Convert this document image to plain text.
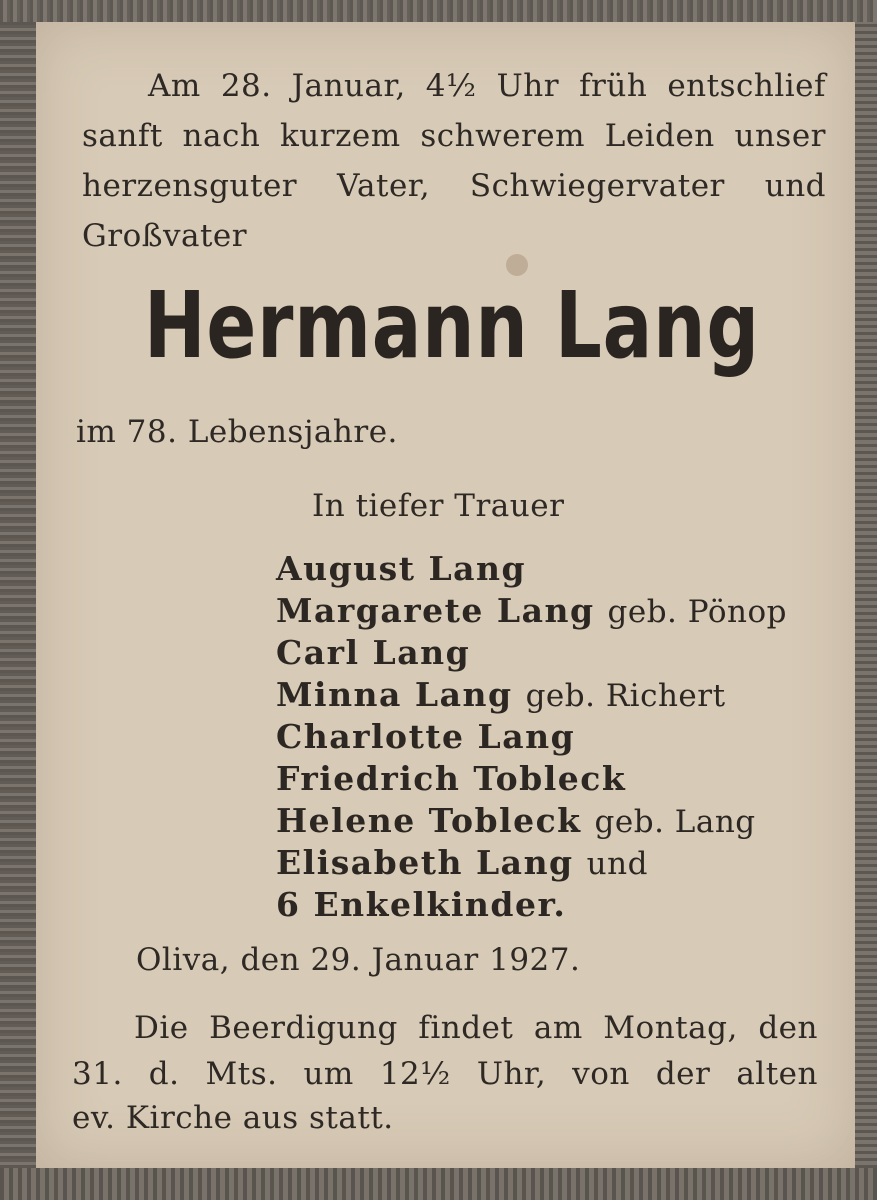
Am 28. Januar, 4½ Uhr früh entschlief
sanft nach kurzem schwerem Leiden unser
herzensguter Vater, Schwiegervater und
Großvater
Hermann Lang
im 78. Lebensjahre.
In tiefer Trauer
August Lang
Margarete Lang geb. Pönop
Carl Lang
Minna Lang geb. Richert
Charlotte Lang
Friedrich Tobleck
Helene Tobleck geb. Lang
Elisabeth Lang und
6 Enkelkinder.
Oliva, den 29. Januar 1927.
Die Beerdigung findet am Montag, den
31. d. Mts. um 12½ Uhr, von der alten
ev. Kirche aus statt.
